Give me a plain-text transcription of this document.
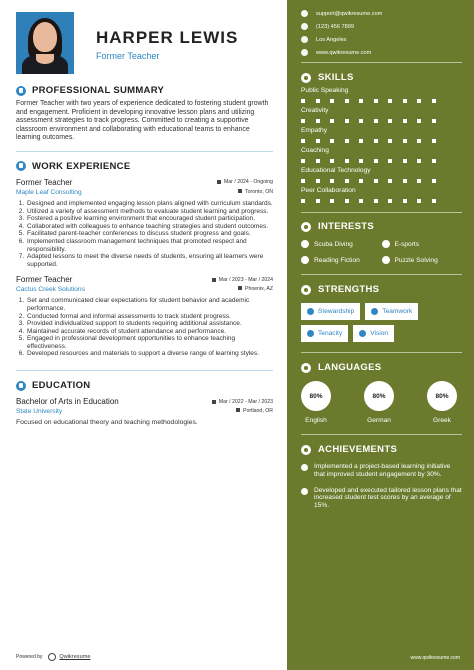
HARPER LEWIS
Former Teacher
PROFESSIONAL SUMMARY
Former Teacher with two years of experience dedicated to fostering student growth and engagement. Proficient in developing innovative lesson plans and utilizing assessment strategies to track progress. Committed to creating a supportive classroom environment and collaborating with educational teams to enhance learning outcomes.
WORK EXPERIENCE
Former Teacher	Mar / 2024 - Ongoing
Maple Leaf Consulting	Toronto, ON
1. Designed and implemented engaging lesson plans aligned with curriculum standards.
2. Utilized a variety of assessment methods to evaluate student learning and progress.
3. Fostered a positive learning environment that encouraged student participation.
4. Collaborated with colleagues to enhance teaching strategies and student outcomes.
5. Facilitated parent-teacher conferences to discuss student progress and goals.
6. Implemented classroom management techniques that promoted respect and responsibility.
7. Adapted lessons to meet the diverse needs of students, ensuring all learners were supported.
Former Teacher	Mar / 2023 - Mar / 2024
Cactus Creek Solutions	Phoenix, AZ
1. Set and communicated clear expectations for student behavior and academic performance.
2. Conducted formal and informal assessments to track student progress.
3. Provided individualized support to students requiring additional assistance.
4. Maintained accurate records of student attendance and performance.
5. Engaged in professional development opportunities to enhance teaching effectiveness.
6. Developed resources and materials to support a diverse range of learning styles.
EDUCATION
Bachelor of Arts in Education	Mar / 2022 - Mar / 2023
State University	Portland, OR
Focused on educational theory and teaching methodologies.
Powered by	Qwikresume
support@qwikresume.com
(123) 456 7899
Los Angeles
www.qwikresume.com
SKILLS
Public Speaking
Creativity
Empathy
Coaching
Educational Technology
Peer Collaboration
INTERESTS
Scuba Diving	E-sports
Reading Fiction	Puzzle Solving
STRENGTHS
Stewardship	Teamwork
Tenacity	Vision
LANGUAGES
80%
English
80%
German
80%
Greek
ACHIEVEMENTS
Implemented a project-based learning initiative that improved student engagement by 30%.
Developed and executed tailored lesson plans that increased student test scores by an average of 15%.
www.qwikresume.com
